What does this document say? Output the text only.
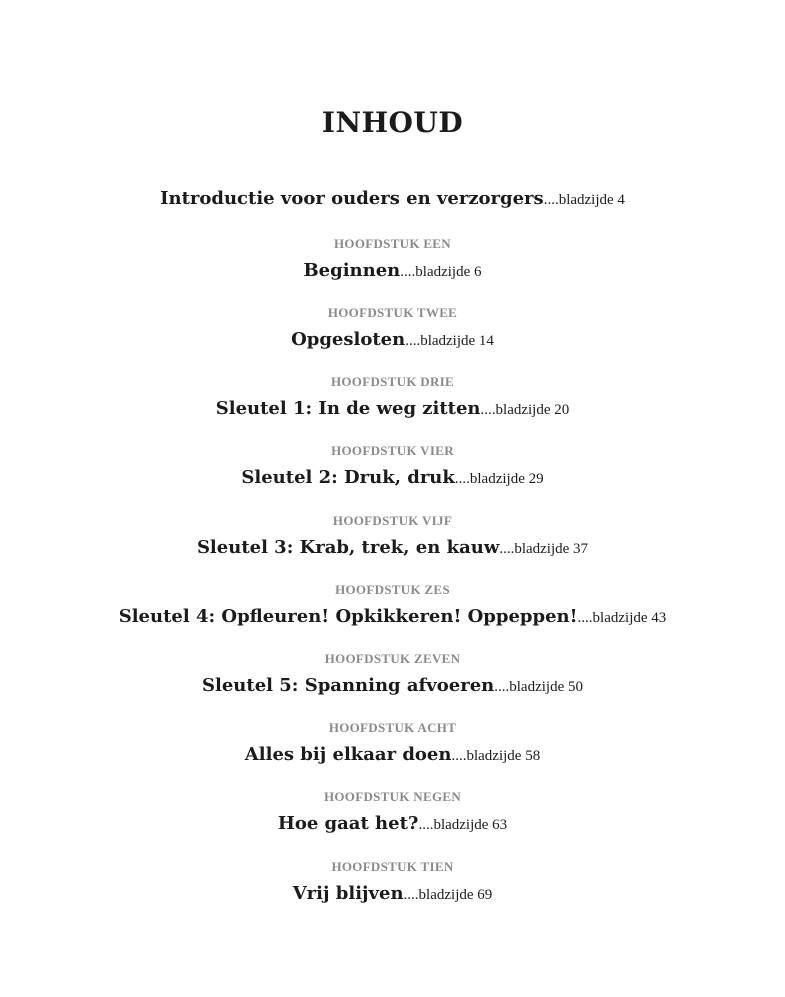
INHOUD
Introductie voor ouders en verzorgers....bladzijde 4
HOOFDSTUK EEN
Beginnen....bladzijde 6
HOOFDSTUK TWEE
Opgesloten....bladzijde 14
HOOFDSTUK DRIE
Sleutel 1: In de weg zitten....bladzijde 20
HOOFDSTUK VIER
Sleutel 2: Druk, druk....bladzijde 29
HOOFDSTUK VIJF
Sleutel 3: Krab, trek, en kauw....bladzijde 37
HOOFDSTUK ZES
Sleutel 4: Opfleuren! Opkikkeren! Oppeppen!....bladzijde 43
HOOFDSTUK ZEVEN
Sleutel 5: Spanning afvoeren....bladzijde 50
HOOFDSTUK ACHT
Alles bij elkaar doen....bladzijde 58
HOOFDSTUK NEGEN
Hoe gaat het?....bladzijde 63
HOOFDSTUK TIEN
Vrij blijven....bladzijde 69
